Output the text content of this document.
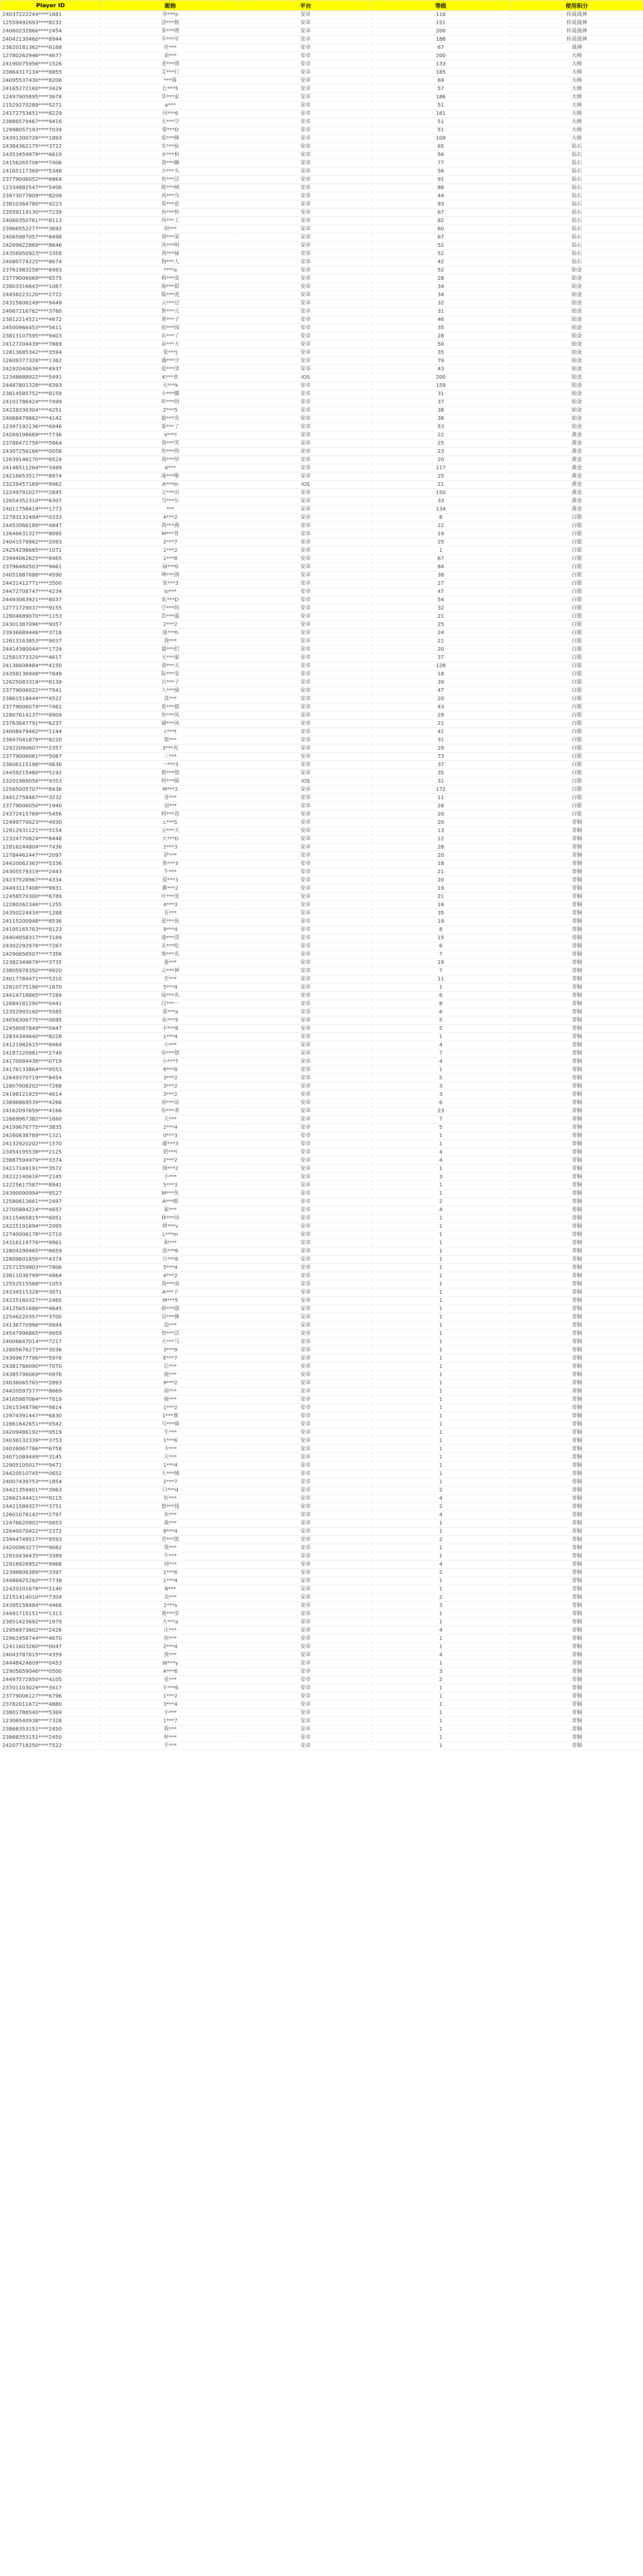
Player ID	昵称	平台	等级	使用积分
24037222244****1681	李***o	安卓	116	传说战神
12559492693****8232	活***数	安卓	151	传说战神
24060232866****2454	多***理	安卓	200	传说战神
24042130460****8944	羊***军	安卓	188	传说战神
23620181362****6168	社***	安卓	67	战神
12780262946****4677	表***	安卓	200	大师
24190075956****1526	老***萌	安卓	133	大师
23864317134****8855	艾***行	安卓	185	大师
24095537430****8206	***落	安卓	69	大师
24165272160****3429	长***5	安卓	57	大师
12497905895****3678	草***家	安卓	186	大师
11529270289****5271	a***	安卓	51	大师
24172753651****8229	河***6	安卓	161	大师
23886579467****9416	天***空	安卓	51	大师
12998057193****7039	要***D	安卓	51	大师
24391300726****1893	看***修	安卓	109	大师
24384362175****3722	实***验	安卓	65	钻石
24353459979****6619	水***和	安卓	56	钻石
24156265706****7406	我***蹦	安卓	77	钻石
24165117369****5348	小***头	安卓	56	钻石
23779006052****6864	鱼***活	安卓	91	钻石
12334882547****5406	陈***城	安卓	86	钻石
23973077809****8209	风***鸟	安卓	44	钻石
23810364780****4223	看***意	安卓	93	钻石
23559119130****7239	鱼***快	安卓	67	钻石
24060350761****8113	风***工	安卓	82	钻石
23966552277****3692	初***	安卓	60	钻石
24065987057****8498	郑***荣	安卓	67	钻石
24269922869****8646	风***明	安卓	52	钻石
24356950923****3358	我***妹	安卓	52	钻石
24080774225****8674	狗***人	安卓	42	钻石
23761983258****8493	****a	安卓	52	铂金
23779006069****6575	莉***度	安卓	28	铂金
23803316643****1067	海***甜	安卓	34	铂金
24458223120****2722	陈***虎	安卓	34	铂金
24315606249****9449	云***过	安卓	32	铂金
24067216762****3760	鲁***元	安卓	31	铂金
23812214521****4672	果***子	安卓	46	铂金
24500966453****5611	依***园	安卓	35	铂金
23813107595****9403	东***了	安卓	28	铂金
24127204439****7669	呆***天	安卓	50	铂金
12813685342****3594	张***J	安卓	35	铂金
12609377326****1362	遇***守	安卓	79	铂金
24292040636****4937	爱***清	安卓	43	铂金
12348688922****5491	K***欢	iOS	200	铂金
24487801328****8393	天***k	安卓	159	铂金
23814585752****8159	小***娜	安卓	31	铂金
24101786424****7499	听***的	安卓	37	铂金
24228336304****4251	Z***5	安卓	38	铂金
24068479662****4142	毅***名	安卓	38	铂金
12397192136****6946	渠***了	安卓	53	铂金
24269198669****7736	V***i	安卓	22	黄金
23786472756****5864	我***笑	安卓	25	黄金
24307256166****0058	你***得	安卓	23	黄金
12639146170****6524	我***厚	安卓	20	黄金
24146511264****3489	6***	安卓	117	黄金
24216653517****8974	迷***唯	安卓	25	黄金
23229457169****9962	A***m	iOS	21	黄金
12249791027****2845	元***出	安卓	150	黄金
12654352310****6307	当***尔	安卓	33	黄金
24011758419****1773	***	安卓	134	黄金
12783132494****0333	4***2	安卓	8	白银
24453066189****4847	我***燕	安卓	22	白银
12646631327****8095	M***骨	安卓	19	白银
24041579962****2093	2***7	安卓	25	白银
24254298665****1071	1***2	安卓	1	白银
23944062625****8465	1***8	安卓	67	白银
23796460503****9461	禄***0	安卓	84	白银
24051887688****4590	啤***酒	安卓	38	白银
24431412771****3500	兔***3	安卓	27	白银
24472708747****4234	lo***	安卓	47	白银
24493063921****8037	轧***D	安卓	54	白银
12771729037****9155	空***的	安卓	32	白银
12804689070****1153	浩***遥	安卓	21	白银
24301387096****9057	2***2	安卓	25	白银
23936689446****3718	迷***h	安卓	24	白银
12613163853****9037	我***	安卓	21	白银
24414380044****1724	蜀***们	安卓	20	白银
12581573329****4617	天***豪	安卓	37	白银
24136608484****4150	请***天	安卓	128	白银
24358136948****7849	际***变	安卓	18	白银
12625083319****8139	吉***子	安卓	39	白银
23779006022****7541	人***骑	安卓	47	白银
23861518444****4522	真***	安卓	20	白银
23779006074****7461	看***德	安卓	43	白银
12807614137****8904	你***风	安卓	29	白银
23763647791****6237	铺***汤	安卓	21	白银
24008479462****1144	c***t	安卓	41	白银
23847041879****8220	那***	安卓	31	白银
12922090607****2357	3***充	安卓	29	白银
23779006061****5067	三***	安卓	73	白银
23606115196****0636	一***3	安卓	37	白银
24459215480****5192	莉***情	安卓	35	白银
23201989056****9353	阿***睛	iOS	31	白银
12565005707****8436	M***2	安卓	172	白银
24412758467****3232	喜***	安卓	11	白银
23779006050****1940	羽***	安卓	26	白银
24372415769****5456	阿***巷	安卓	20	白银
12499770023****4930	L***S	安卓	20	青铜
12912931121****5154	元***天	安卓	13	青铜
12324770824****8448	大***D	安卓	12	青铜
12816244804****7436	2***3	安卓	28	青铜
12784462447****2097	萨***	安卓	20	青铜
24420062363****5336	鲁***3	安卓	18	青铜
24305579319****2443	牛***	安卓	21	青铜
24237528967****4334	爱***3	安卓	20	青铜
24493117408****9931	紫***2	安卓	19	青铜
12456570300****6789	叶***里	安卓	21	青铜
12280262346****1255	4***3	安卓	16	青铜
24350224434****1288	有***	安卓	35	青铜
24115200948****8536	张***鱼	安卓	19	青铜
24195165763****8123	9***4	安卓	8	青铜
24404958317****3189	逢***涝	安卓	15	青铜
24302292976****7267	无***吃	安卓	6	青铜
24290656507****7356	奥***名	安卓	7	青铜
12382349679****3735	蛋***	安卓	19	青铜
23805978350****9920	云***神	安卓	7	青铜
24017784471****5310	至***	安卓	11	青铜
12810775196****1670	5***4	安卓	1	青铜
24414718865****7284	绿***名	安卓	6	青铜
12684181290****0441	汉***一	安卓	8	青铜
12352993160****5585	菜***a	安卓	6	青铜
24056306775****0695	佑***5	安卓	5	青铜
12456087849****0447	卡***8	安卓	5	青铜
12834349640****8228	1***4	安卓	1	青铜
24121982615****8464	小***	安卓	4	青铜
24187220981****2749	你***情	安卓	7	青铜
24170084438****0719	小***7	安卓	4	青铜
24176133864****9553	8***8	安卓	1	青铜
12649370719****8454	3***2	安卓	5	青铜
12807908202****7268	3***2	安卓	3	青铜
24198121925****4614	3***2	安卓	3	青铜
23896869539****4266	南***谙	安卓	6	青铜
24162097659****4166	你***者	安卓	23	青铜
12669967382****1660	天***	安卓	7	青铜
24199676775****3835	2***4	安卓	5	青铜
24260638789****1321	0***3	安卓	1	青铜
24132920202****1570	庸***3	安卓	1	青铜
23454195538****2125	奶***i	安卓	4	青铜
23887594979****3374	2***2	安卓	4	青铜
24217169191****3572	图***2	安卓	1	青铜
24222140616****2145	小***	安卓	3	青铜
12225617587****8941	5***3	安卓	1	青铜
24390090994****8527	M***鱼	安卓	1	青铜
12580613661****2497	A***眼	安卓	2	青铜
12705884224****4657	崔***	安卓	4	青铜
24115465815****6051	林***诗	安卓	1	青铜
24225191694****2095	将***v	安卓	1	青铜
12740006178****2710	L***m	安卓	1	青铜
24316119776****9961	和***	安卓	1	青铜
12804290465****6659	思***6	安卓	1	青铜
12809601656****4374	月***6	安卓	1	青铜
12571559903****7906	5***4	安卓	1	青铜
23811036799****4864	4***2	安卓	1	青铜
12552515568****1053	我***南	安卓	1	青铜
24334515328****3071	A***子	安卓	1	青铜
24225160327****2465	M***5	安卓	1	青铜
24125651686****4645	拼***感	安卓	1	青铜
12546220357****3700	吴***佛	安卓	1	青铜
24136770996****0944	追***	安卓	1	青铜
24547996865****9959	快***活	安卓	1	青铜
24006647014****7217	大***马	安卓	1	青铜
12805676273****3036	3***9	安卓	1	青铜
24369677796****5976	E***7	安卓	1	青铜
24381766090****7070	后***	安卓	1	青铜
24385796069****0976	鹿***	安卓	1	青铜
24036065765****2893	9***2	安卓	1	青铜
24420597577****8669	南***	安卓	1	青铜
24165987064****7819	鹿***	安卓	1	青铜
12615348796****9814	1***2	安卓	1	青铜
12974391447****6830	1***赛	安卓	1	青铜
12861642651****0542	马***骑	安卓	1	青铜
24209486192****0519	生***	安卓	1	青铜
24036132339****3753	1***6	安卓	1	青铜
24026067766****6758	卡***	安卓	1	青铜
24071089449****3145	天***	安卓	1	青铜
12905105017****9471	1***4	安卓	1	青铜
24420510745****0652	大***城	安卓	1	青铜
24007439753****1854	2***7	安卓	1	青铜
24421359401****3963	只***d	安卓	2	青铜
12662144411****9115	好***	安卓	4	青铜
24421589327****3751	想***钱	安卓	2	青铜
12601078142****2797	朱***	安卓	4	青铜
12476620902****0653	森***	安卓	1	青铜
12640070422****2372	8***4	安卓	1	青铜
23944749517****9593	青***凯	安卓	2	青铜
24200963277****9082	我***	安卓	1	青铜
12910436435****3389	牛***	安卓	1	青铜
12916926952****9968	周***	安卓	4	青铜
12396806389****3397	1***6	安卓	2	青铜
24486925260****7738	1***4	安卓	1	青铜
12420101678****2140	B***	安卓	1	青铜
12151414010****7304	美***	安卓	2	青铜
24395158484****4466	1***s	安卓	3	青铜
24491715151****1313	赛***安	安卓	1	青铜
23851423692****1979	大***a	安卓	1	青铜
12956973602****2426	庄***	安卓	4	青铜
12961958744****4670	你***	安卓	1	青铜
12411603260****0047	2***4	安卓	1	青铜
24043787615****4359	我***	安卓	4	青铜
24448424609****0453	W***y	安卓	1	青铜
12905659046****0500	A***6	安卓	3	青铜
24497572850****4105	星***	安卓	2	青铜
23701103029****3417	卡***6	安卓	1	青铜
23779006127****6796	1***2	安卓	1	青铜
23782011672****4880	3***4	安卓	1	青铜
23801788540****5369	小***	安卓	1	青铜
12306540938****7328	1***7	安卓	1	青铜
23868353151****2450	我***	安卓	1	青铜
23868353151****2450	杯***	安卓	1	青铜
24207718250****7522	手***	安卓	1	青铜
